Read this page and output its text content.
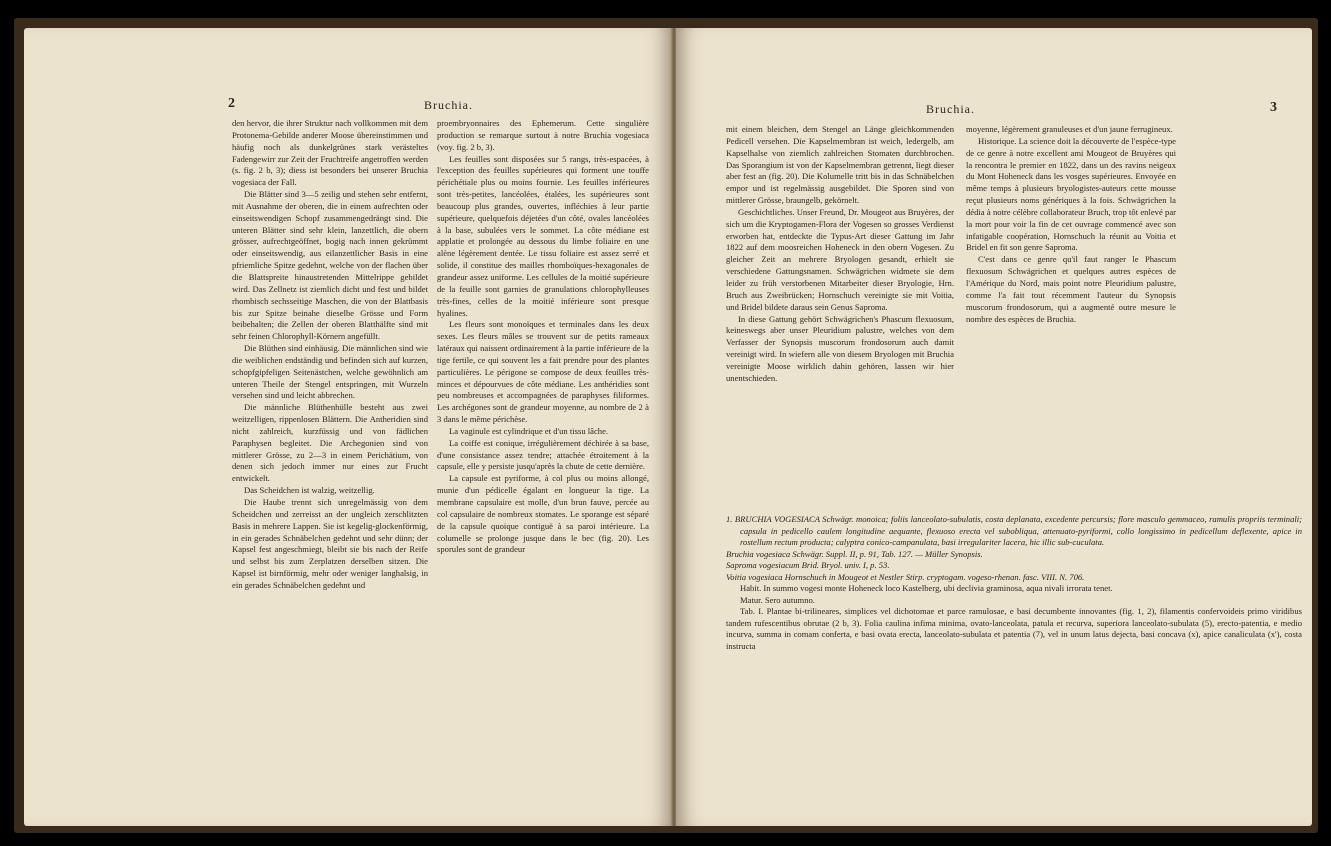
2	Bruchia.

den hervor, die ihrer Struktur nach vollkommen mit dem Protonema-Gebilde anderer Moose übereinstimmen und häufig noch als dunkelgrünes stark verästeltes Fadengewirr zur Zeit der Fruchtreife angetroffen werden (s. fig. 2 b, 3); diess ist besonders bei unserer Bruchia vogesiaca der Fall.

Die Blätter sind 3—5 zeilig und stehen sehr entfernt, mit Ausnahme der oberen, die in einem aufrechten oder einseitswendigen Schopf zusammengedrängt sind. Die unteren Blätter sind sehr klein, lanzettlich, die obern grösser, aufrechtgeöffnet, bogig nach innen gekrümmt oder einseitswendig, aus eilanzettlicher Basis in eine pfriemliche Spitze gedehnt, welche von der flachen über die Blattspreite hinaustretenden Mittelrippe gebildet wird. Das Zellnetz ist ziemlich dicht und fest und bildet rhombisch sechsseitige Maschen, die von der Blattbasis bis zur Spitze beinahe dieselbe Grösse und Form beibehalten; die Zellen der oberen Blatthälfte sind mit sehr feinen Chlorophyll-Körnern angefüllt.

Die Blüthen sind einhäusig. Die männlichen sind wie die weiblichen endständig und befinden sich auf kurzen, schopfgipfeligen Seitenästchen, welche gewöhnlich am unteren Theile der Stengel entspringen, mit Wurzeln versehen sind und leicht abbrechen.

Die männliche Blüthenhülle besteht aus zwei weitzelligen, rippenlosen Blättern. Die Antheridien sind nicht zahlreich, kurzfüssig und von fädlichen Paraphysen begleitet. Die Archegonien sind von mittlerer Grösse, zu 2—3 in einem Perichätium, von denen sich jedoch immer nur eines zur Frucht entwickelt.

Das Scheidchen ist walzig, weitzellig.

Die Haube trennt sich unregelmässig von dem Scheidchen und zerreisst an der ungleich zerschlitzten Basis in mehrere Lappen. Sie ist kegelig-glockenförmig, in ein gerades Schnäbelchen gedehnt und sehr dünn; der Kapsel fest angeschmiegt, bleibt sie bis nach der Reife und selbst bis zum Zerplatzen derselben sitzen. Die Kapsel ist birnförmig, mehr oder weniger langhalsig, in ein gerades Schnäbelchen gedehnt und

proembryonnaires des Ephemerum. Cette singulière production se remarque surtout à notre Bruchia vogesiaca (voy. fig. 2 b, 3).

Les feuilles sont disposées sur 5 rangs, très-espacées, à l'exception des feuilles supérieures qui forment une touffe périchétiale plus ou moins fournie. Les feuilles inférieures sont très-petites, lancéolées, étalées, les supérieures sont beaucoup plus grandes, ouvertes, infléchies à leur partie supérieure, quelquefois déjetées d'un côté, ovales lancéolées à la base, subulées vers le sommet. La côte médiane est applatie et prolongée au dessous du limbe foliaire en une alène légèrement dentée. Le tissu foliaire est assez serré et solide, il constitue des mailles rhomboïques-hexagonales de grandeur assez uniforme. Les cellules de la moitié supérieure de la feuille sont garnies de granulations chlorophylleuses très-fines, celles de la moitié inférieure sont presque hyalines.

Les fleurs sont monoïques et terminales dans les deux sexes. Les fleurs mâles se trouvent sur de petits rameaux latéraux qui naissent ordinairement à la partie inférieure de la tige fertile, ce qui souvent les a fait prendre pour des plantes particulières. Le périgone se compose de deux feuilles très-minces et dépourvues de côte médiane. Les anthéridies sont peu nombreuses et accompagnées de paraphyses filiformes. Les archégones sont de grandeur moyenne, au nombre de 2 à 3 dans le même périchèse.

La vaginule est cylindrique et d'un tissu lâche.

La coiffe est conique, irrégulièrement déchirée à sa base, d'une consistance assez tendre; attachée étroitement à la capsule, elle y persiste jusqu'après la chute de cette dernière.

La capsule est pyriforme, à col plus ou moins allongé, munie d'un pédicelle égalant en longueur la tige. La membrane capsulaire est molle, d'un brun fauve, percée au col capsulaire de nombreux stomates. Le sporange est séparé de la capsule quoique contiguë à sa paroi intérieure. La columelle se prolonge jusque dans le bec (fig. 20). Les sporules sont de grandeur

Bruchia.	3

mit einem bleichen, dem Stengel an Länge gleichkommenden Pedicell versehen. Die Kapselmembran ist weich, ledergelb, am Kapselhalse von ziemlich zahlreichen Stomaten durchbrochen. Das Sporangium ist von der Kapselmembran getrennt, liegt dieser aber fest an (fig. 20). Die Kolumelle tritt bis in das Schnäbelchen empor und ist regelmässig ausgebildet. Die Sporen sind von mittlerer Grösse, braungelb, gekörnelt.

Geschichtliches. Unser Freund, Dr. Mougeot aus Bruyères, der sich um die Kryptogamen-Flora der Vogesen so grosses Verdienst erworben hat, entdeckte die Typus-Art dieser Gattung im Jahr 1822 auf dem moosreichen Hoheneck in den obern Vogesen. Zu gleicher Zeit an mehrere Bryologen gesandt, erhielt sie verschiedene Gattungsnamen. Schwägrichen widmete sie dem leider zu früh verstorbenen Mitarbeiter dieser Bryologie, Hrn. Bruch aus Zweibrücken; Hornschuch vereinigte sie mit Voitia, und Bridel bildete daraus sein Genus Saproma.

In diese Gattung gehört Schwägrichen's Phascum flexuosum, keineswegs aber unser Pleuridium palustre, welches von dem Verfasser der Synopsis muscorum frondosorum auch damit vereinigt wird. In wiefern alle von diesem Bryologen mit Bruchia vereinigte Moose wirklich dahin gehören, lassen wir hier unentschieden.

moyenne, légèrement granuleuses et d'un jaune ferrugineux.

Historique. La science doit la découverte de l'espèce-type de ce genre à notre excellent ami Mougeot de Bruyères qui la rencontra le premier en 1822, dans un des ravins neigeux du Mont Hoheneck dans les vosges supérieures. Envoyée en même temps à plusieurs bryologistes-auteurs cette mousse reçut plusieurs noms génériques à la fois. Schwägrichen la dédia à notre célèbre collaborateur Bruch, trop tôt enlevé par la mort pour voir la fin de cet ouvrage commencé avec son infatigable coopération, Hornschuch la réunit au Voitia et Bridel en fit son genre Saproma.

C'est dans ce genre qu'il faut ranger le Phascum flexuosum Schwägrichen et quelques autres espèces de l'Amérique du Nord, mais point notre Pleuridium palustre, comme l'a fait tout récemment l'auteur du Synopsis muscorum frondosorum, qui a augmenté outre mesure le nombre des espèces de Bruchia.

1. BRUCHIA VOGESIACA Schwägr. monoica; foliis lanceolato-subulatis, costa deplanata, excedente percursis; flore masculo gemmaceo, ramulis propriis terminali; capsula in pedicello caulem longitudine aequante, flexuoso erecta vel subobliqua, attenuato-pyriformi, collo longissimo in pedicellum deflexente, apice in rostellum rectum producta; calyptra conico-campanulata, basi irregulariter lacera, hic illic sub-cuculata.

Bruchia vogesiaca Schwägr. Suppl. II, p. 91, Tab. 127. — Müller Synopsis.

Saproma vogesiacum Brid. Bryol. univ. I, p. 53.

Voitia vogesiaca Hornschuch in Mougeot et Nestler Stirp. cryptogam. vogeso-rhenan. fasc. VIII. N. 706.

Habit. In summo vogesi monte Hoheneck loco Kastelberg, ubi declivia graminosa, aqua nivali irrorata tenet.

Matur. Sero autumno.

Tab. I. Plantae bi-trilineares, simplices vel dichotomae et parce ramulosae, e basi decumbente innovantes (fig. 1, 2), filamentis confervoideis primo viridibus tandem rufescentibus obrutae (2 b, 3). Folia caulina infima minima, ovato-lanceolata, patula et recurva, superiora lanceolato-subulata (5), erecto-patentia, e medio incurva, summa in comam conferta, e basi ovata erecta, lanceolato-subulata et patentia (7), vel in unum latus dejecta, basi concava (x), apice canaliculata (x'), costa instructa
